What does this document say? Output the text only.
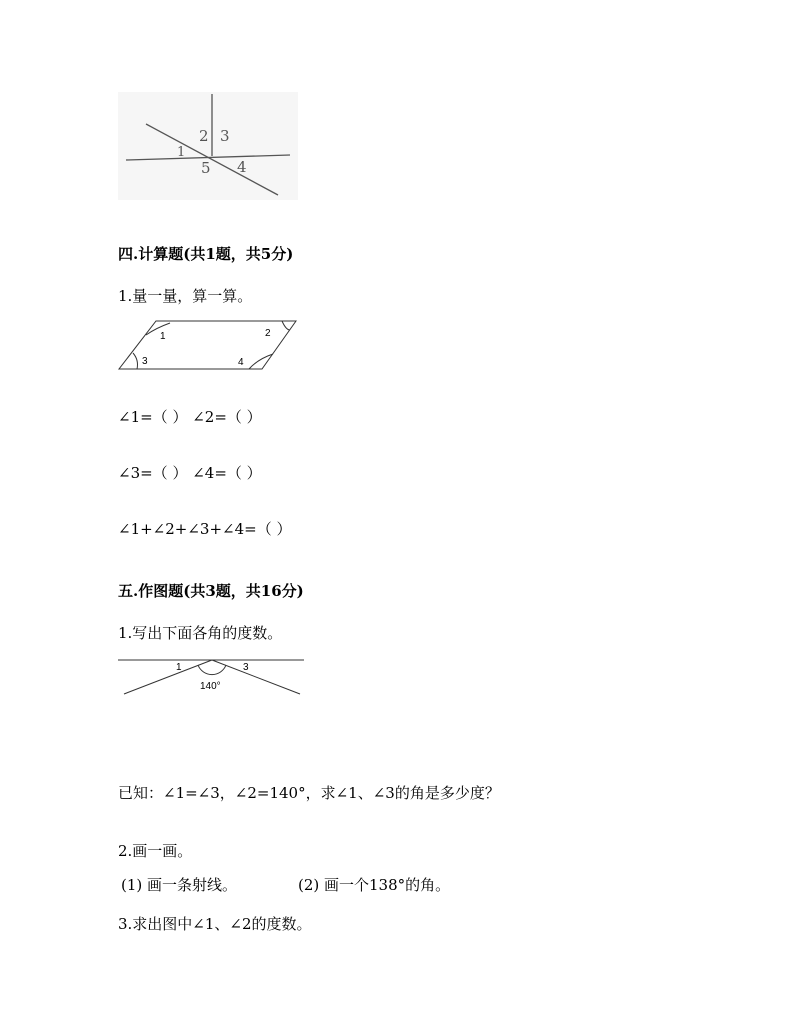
1
2 3
4
5
四.计算题(共1题，共5分)
1.量一量，算一算。
1	2
3	4
∠1=（ ） ∠2=（ ）
∠3=（ ） ∠4=（ ）
∠1+∠2+∠3+∠4=（ ）
五.作图题(共3题，共16分)
1.写出下面各角的度数。
1	3
140°
已知：∠1=∠3，∠2=140°，求∠1、∠3的角是多少度？
2.画一画。
(1) 画一条射线。	(2) 画一个138°的角。
3.求出图中∠1、∠2的度数。
